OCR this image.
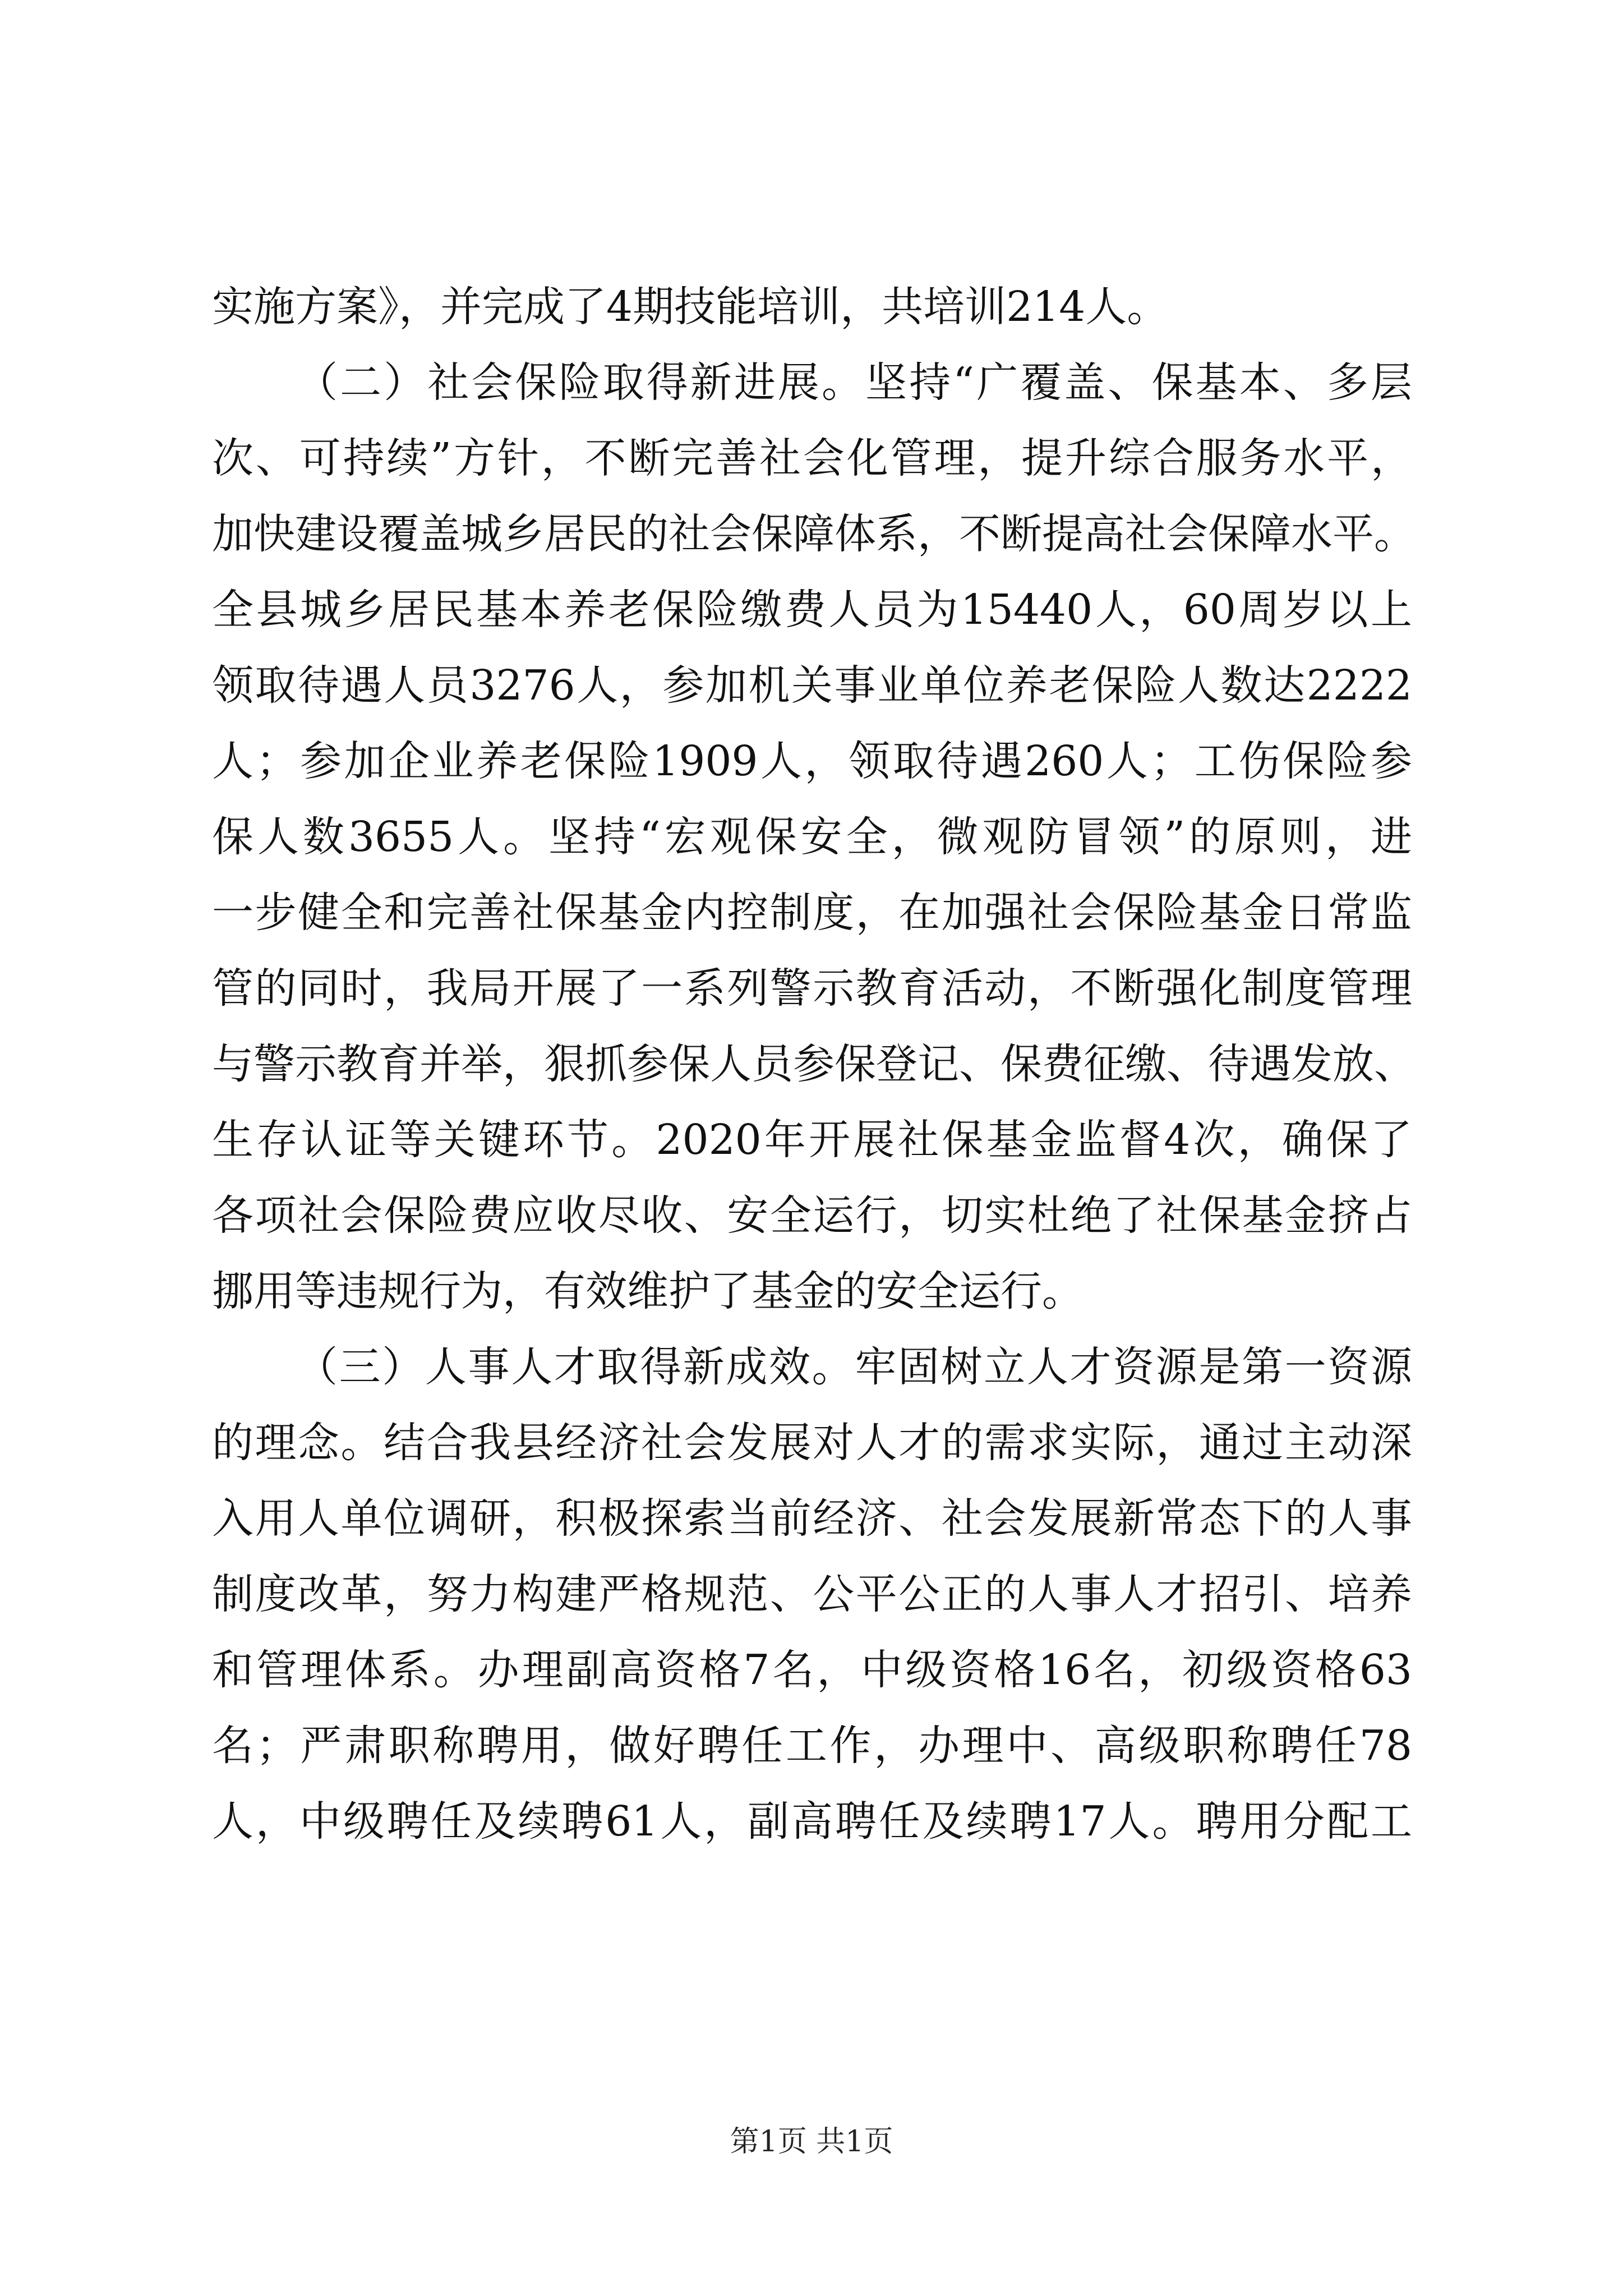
实施方案》，并完成了4期技能培训，共培训214人。
（二）社会保险取得新进展。坚持“广覆盖、保基本、多层
次、可持续”方针，不断完善社会化管理，提升综合服务水平，
加快建设覆盖城乡居民的社会保障体系，不断提高社会保障水平。
全县城乡居民基本养老保险缴费人员为15440人，60周岁以上
领取待遇人员3276人，参加机关事业单位养老保险人数达2222
人；参加企业养老保险1909人，领取待遇260人；工伤保险参
保人数3655人。坚持“宏观保安全，微观防冒领”的原则，进
一步健全和完善社保基金内控制度，在加强社会保险基金日常监
管的同时，我局开展了一系列警示教育活动，不断强化制度管理
与警示教育并举，狠抓参保人员参保登记、保费征缴、待遇发放、
生存认证等关键环节。2020年开展社保基金监督4次，确保了
各项社会保险费应收尽收、安全运行，切实杜绝了社保基金挤占
挪用等违规行为，有效维护了基金的安全运行。
（三）人事人才取得新成效。牢固树立人才资源是第一资源
的理念。结合我县经济社会发展对人才的需求实际，通过主动深
入用人单位调研，积极探索当前经济、社会发展新常态下的人事
制度改革，努力构建严格规范、公平公正的人事人才招引、培养
和管理体系。办理副高资格7名，中级资格16名，初级资格63
名；严肃职称聘用，做好聘任工作，办理中、高级职称聘任78
人，中级聘任及续聘61人，副高聘任及续聘17人。聘用分配工
第1页 共1页
